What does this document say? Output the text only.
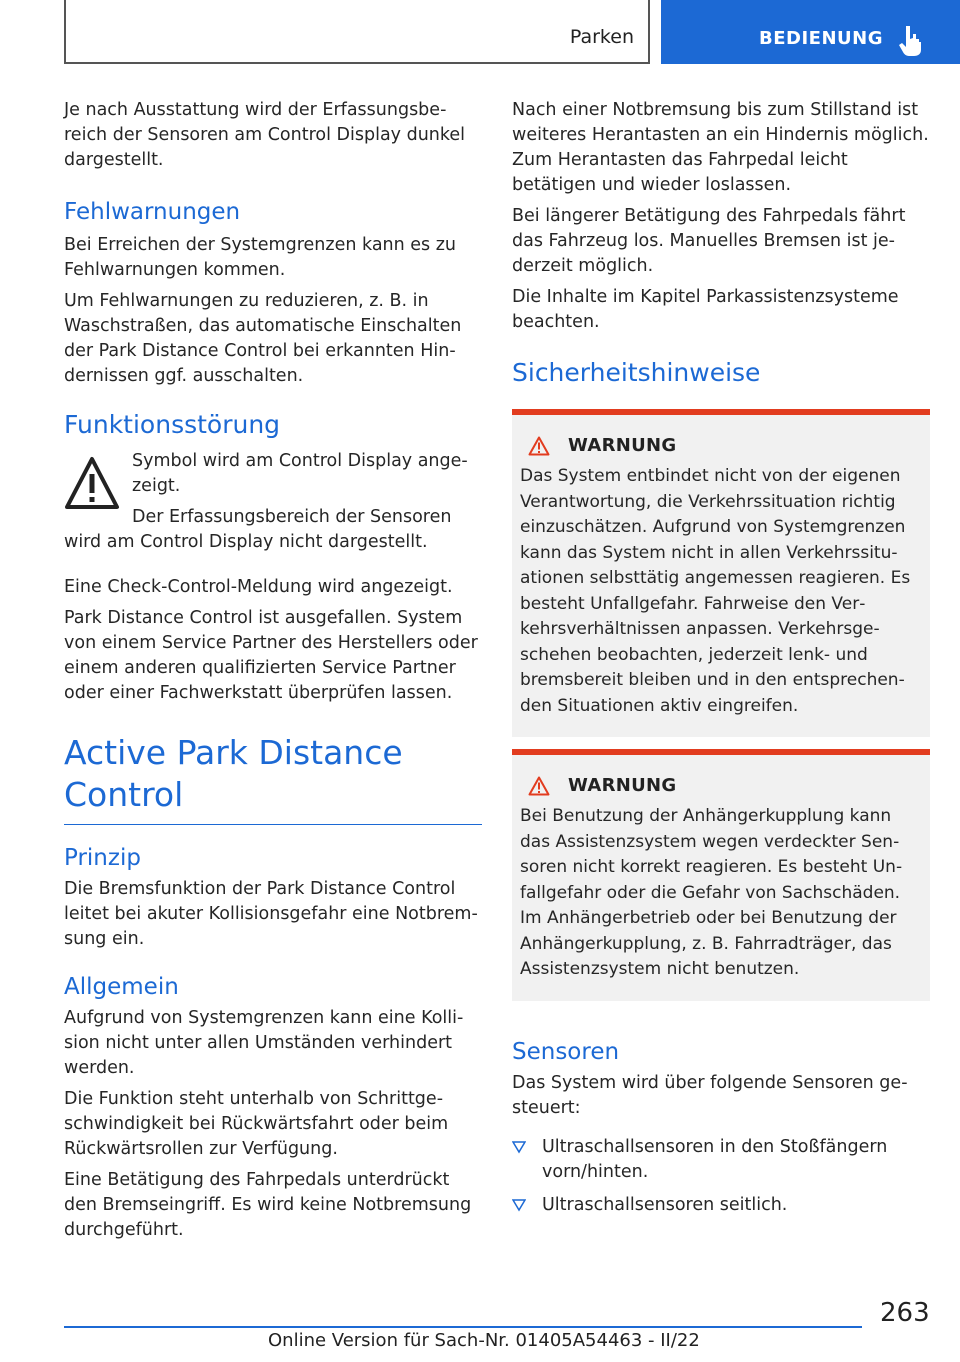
Parken	BEDIENUNG

Je nach Ausstattung wird der Erfassungsbereich der Sensoren am Control Display dunkel dargestellt.

Fehlwarnungen

Bei Erreichen der Systemgrenzen kann es zu Fehlwarnungen kommen.

Um Fehlwarnungen zu reduzieren, z. B. in Waschstraßen, das automatische Einschalten der Park Distance Control bei erkannten Hindernissen ggf. ausschalten.

Funktionsstörung

Symbol wird am Control Display angezeigt.

Der Erfassungsbereich der Sensoren wird am Control Display nicht dargestellt.

Eine Check-Control-Meldung wird angezeigt.

Park Distance Control ist ausgefallen. System von einem Service Partner des Herstellers oder einem anderen qualifizierten Service Partner oder einer Fachwerkstatt überprüfen lassen.

Active Park Distance Control
Prinzip

Die Bremsfunktion der Park Distance Control leitet bei akuter Kollisionsgefahr eine Notbremsung ein.

Allgemein

Aufgrund von Systemgrenzen kann eine Kollision nicht unter allen Umständen verhindert werden.

Die Funktion steht unterhalb von Schrittgeschwindigkeit bei Rückwärtsfahrt oder beim Rückwärtsrollen zur Verfügung.

Eine Betätigung des Fahrpedals unterdrückt den Bremseingriff. Es wird keine Notbremsung durchgeführt.

Nach einer Notbremsung bis zum Stillstand ist weiteres Herantasten an ein Hindernis möglich. Zum Herantasten das Fahrpedal leicht betätigen und wieder loslassen.

Bei längerer Betätigung des Fahrpedals fährt das Fahrzeug los. Manuelles Bremsen ist jederzeit möglich.

Die Inhalte im Kapitel Parkassistenzsysteme beachten.

Sicherheitshinweise
WARNUNG

Das System entbindet nicht von der eigenen Verantwortung, die Verkehrssituation richtig einzuschätzen. Aufgrund von Systemgrenzen kann das System nicht in allen Verkehrssituationen selbsttätig angemessen reagieren. Es besteht Unfallgefahr. Fahrweise den Verkehrsverhältnissen anpassen. Verkehrsgeschehen beobachten, jederzeit lenk- und bremsbereit bleiben und in den entsprechenden Situationen aktiv eingreifen.

WARNUNG

Bei Benutzung der Anhängerkupplung kann das Assistenzsystem wegen verdeckter Sensoren nicht korrekt reagieren. Es besteht Unfallgefahr oder die Gefahr von Sachschäden. Im Anhängerbetrieb oder bei Benutzung der Anhängerkupplung, z. B. Fahrradträger, das Assistenzsystem nicht benutzen.

Sensoren

Das System wird über folgende Sensoren gesteuert:

Ultraschallsensoren in den Stoßfängern vorn/hinten.
Ultraschallsensoren seitlich.
263
Online Version für Sach-Nr. 01405A54463 - II/22
